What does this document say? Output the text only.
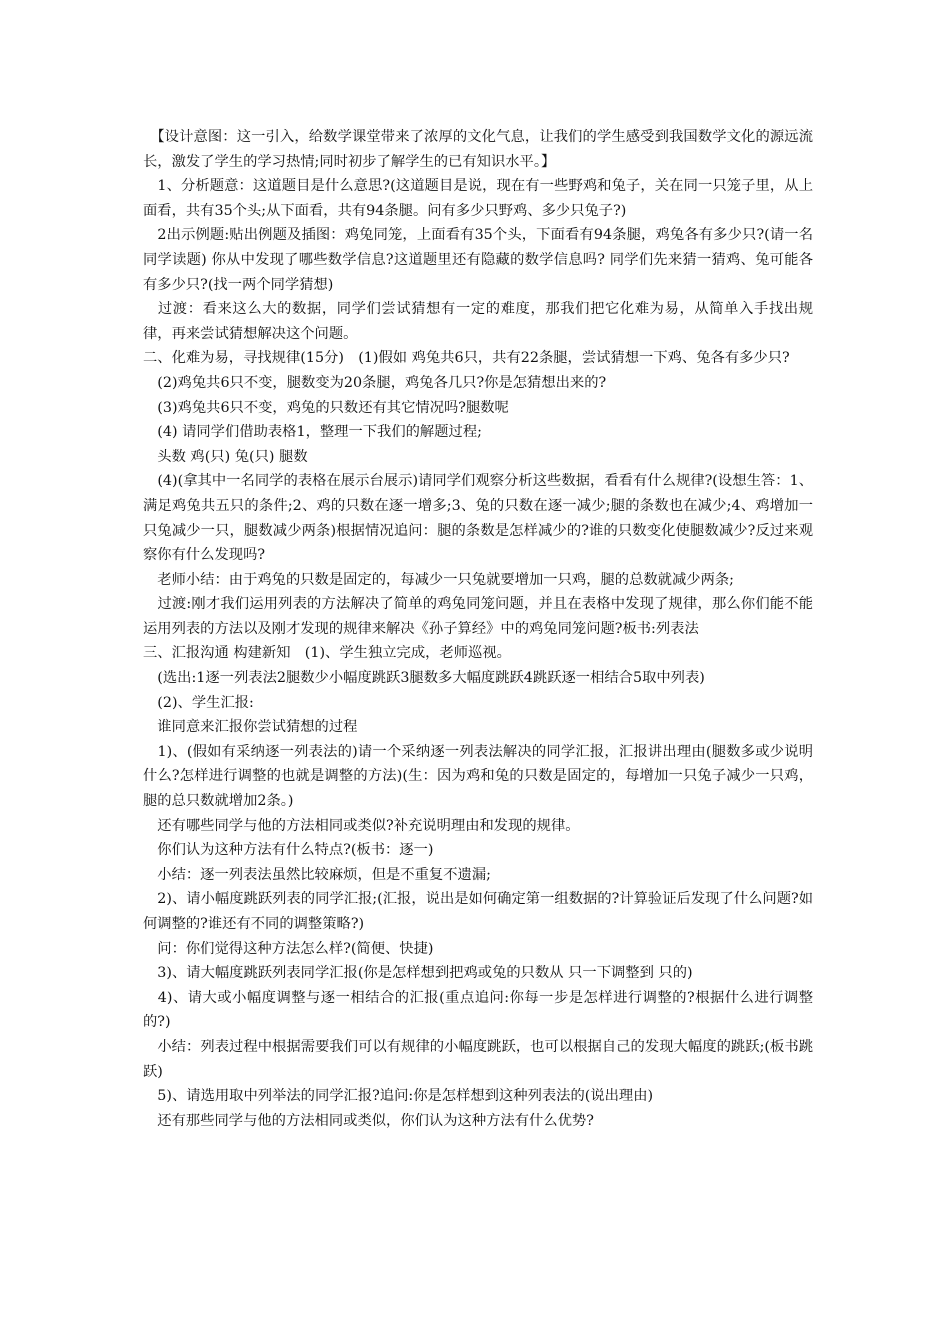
　【设计意图：这一引入，给数学课堂带来了浓厚的文化气息，让我们的学生感受到我国数学文化的源远流长，激发了学生的学习热情;同时初步了解学生的已有知识水平。】

　1、分析题意：这道题目是什么意思?(这道题目是说，现在有一些野鸡和兔子，关在同一只笼子里，从上面看，共有35个头;从下面看，共有94条腿。问有多少只野鸡、多少只兔子?)

　2出示例题:贴出例题及插图：鸡兔同笼，上面看有35个头，下面看有94条腿，鸡兔各有多少只?(请一名同学读题) 你从中发现了哪些数学信息?这道题里还有隐藏的数学信息吗? 同学们先来猜一猜鸡、兔可能各有多少只?(找一两个同学猜想)

　过渡：看来这么大的数据，同学们尝试猜想有一定的难度，那我们把它化难为易，从简单入手找出规律，再来尝试猜想解决这个问题。

二、化难为易，寻找规律(15分)　(1)假如 鸡兔共6只，共有22条腿，尝试猜想一下鸡、兔各有多少只?

　(2)鸡兔共6只不变，腿数变为20条腿，鸡兔各几只?你是怎猜想出来的?

　(3)鸡兔共6只不变，鸡兔的只数还有其它情况吗?腿数呢

　(4) 请同学们借助表格1，整理一下我们的解题过程;

　头数 鸡(只) 兔(只) 腿数

　(4)(拿其中一名同学的表格在展示台展示)请同学们观察分析这些数据，看看有什么规律?(设想生答：1、满足鸡兔共五只的条件;2、鸡的只数在逐一增多;3、兔的只数在逐一减少;腿的条数也在减少;4、鸡增加一只兔减少一只，腿数减少两条)根据情况追问：腿的条数是怎样减少的?谁的只数变化使腿数减少?反过来观察你有什么发现吗?

　老师小结：由于鸡兔的只数是固定的，每减少一只兔就要增加一只鸡，腿的总数就减少两条;

　过渡:刚才我们运用列表的方法解决了简单的鸡兔同笼问题，并且在表格中发现了规律，那么你们能不能运用列表的方法以及刚才发现的规律来解决《孙子算经》中的鸡兔同笼问题?板书:列表法

三、汇报沟通 构建新知　(1)、学生独立完成，老师巡视。

　(选出:1逐一列表法2腿数少小幅度跳跃3腿数多大幅度跳跃4跳跃逐一相结合5取中列表)

　(2)、学生汇报:

　谁同意来汇报你尝试猜想的过程

　1)、(假如有采纳逐一列表法的)请一个采纳逐一列表法解决的同学汇报，汇报讲出理由(腿数多或少说明什么?怎样进行调整的也就是调整的方法)(生：因为鸡和兔的只数是固定的，每增加一只兔子减少一只鸡，腿的总只数就增加2条。)

　还有哪些同学与他的方法相同或类似?补充说明理由和发现的规律。

　你们认为这种方法有什么特点?(板书：逐一)

　小结：逐一列表法虽然比较麻烦，但是不重复不遗漏;

　2)、请小幅度跳跃列表的同学汇报;(汇报，说出是如何确定第一组数据的?计算验证后发现了什么问题?如何调整的?谁还有不同的调整策略?)

　问：你们觉得这种方法怎么样?(简便、快捷)

　3)、请大幅度跳跃列表同学汇报(你是怎样想到把鸡或兔的只数从 只一下调整到 只的)

　4)、请大或小幅度调整与逐一相结合的汇报(重点追问:你每一步是怎样进行调整的?根据什么进行调整的?)

　小结：列表过程中根据需要我们可以有规律的小幅度跳跃，也可以根据自己的发现大幅度的跳跃;(板书跳跃)

　5)、请选用取中列举法的同学汇报?追问:你是怎样想到这种列表法的(说出理由)

　还有那些同学与他的方法相同或类似，你们认为这种方法有什么优势?
